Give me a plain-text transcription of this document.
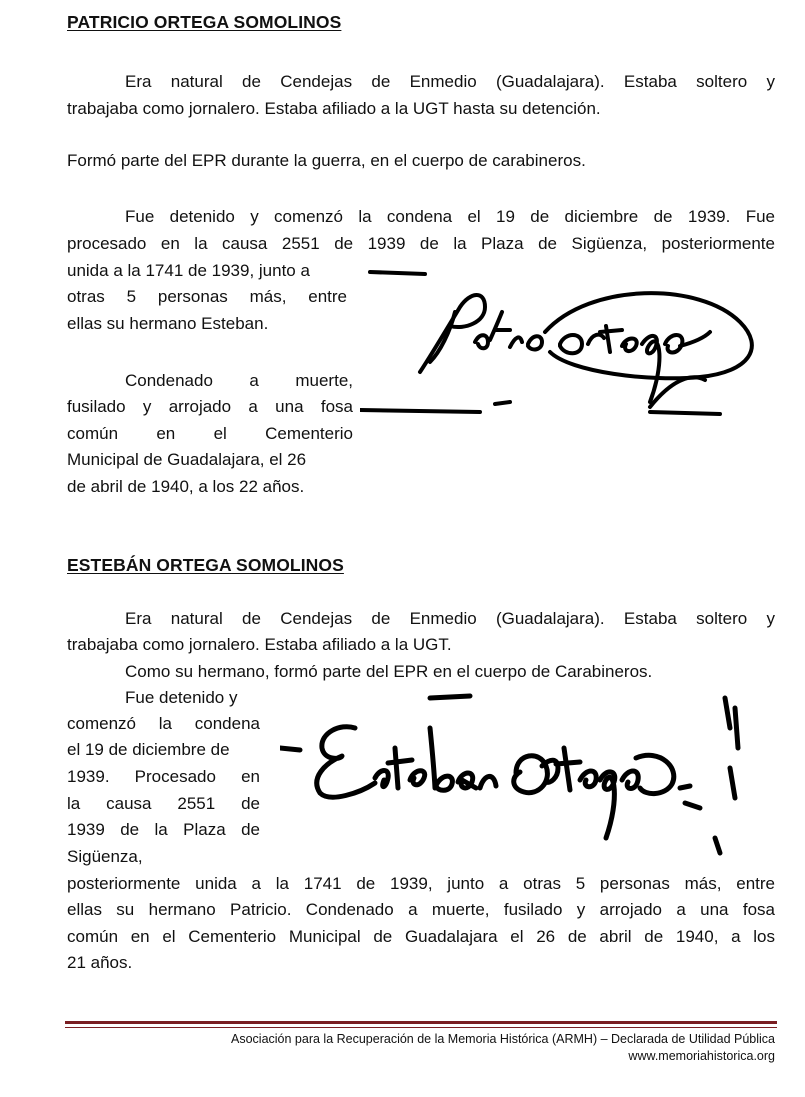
PATRICIO ORTEGA SOMOLINOS
Era natural de Cendejas de Enmedio (Guadalajara). Estaba soltero y
trabajaba como jornalero. Estaba afiliado a la UGT hasta su detención.
Formó parte del EPR durante la guerra, en el cuerpo de carabineros.
Fue detenido y comenzó la condena el 19 de diciembre de 1939. Fue
procesado en la causa 2551 de 1939 de la Plaza de Sigüenza, posteriormente
unida a la 1741 de 1939, junto a
otras 5 personas más, entre
ellas su hermano Esteban.
Condenado a muerte,
fusilado y arrojado a una fosa
común en el Cementerio
Municipal de Guadalajara, el 26
de abril de 1940, a los 22 años.
Patricio Ortega
ESTEBÁN ORTEGA SOMOLINOS
Era natural de Cendejas de Enmedio (Guadalajara). Estaba soltero y
trabajaba como jornalero. Estaba afiliado a la UGT.
Como su hermano, formó parte del EPR en el cuerpo de Carabineros.
Fue detenido y
comenzó la condena
el 19 de diciembre de
1939. Procesado en
la causa 2551 de
1939 de la Plaza de
Sigüenza,
posteriormente unida a la 1741 de 1939, junto a otras 5 personas más, entre
ellas su hermano Patricio. Condenado a muerte, fusilado y arrojado a una fosa
común en el Cementerio Municipal de Guadalajara el 26 de abril de 1940, a los
21 años.
Esteban Ortega
Asociación para la Recuperación de la Memoria Histórica (ARMH) – Declarada de Utilidad Pública
www.memoriahistorica.org
